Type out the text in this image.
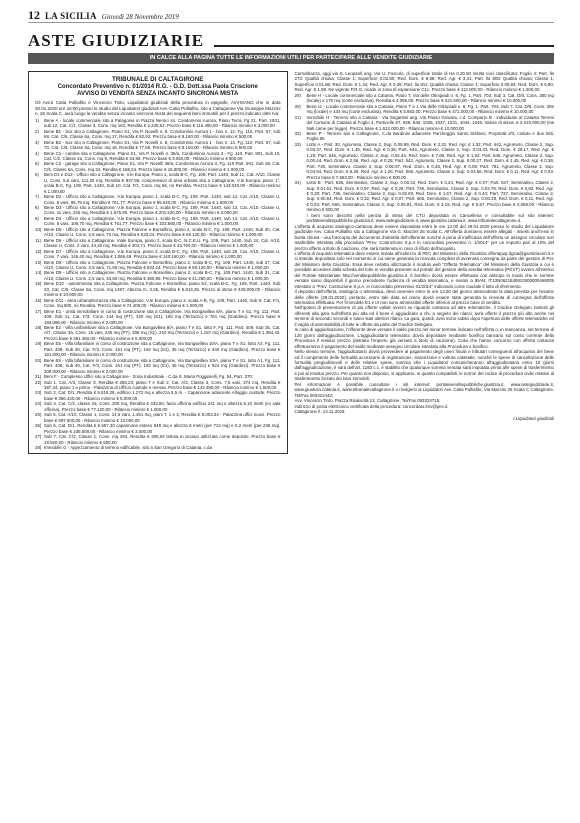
12 LA SICILIA Giovedì 28 Novembre 2019
ASTE GIUDIZIARIE
IN CALCE ALLA PAGINA TUTTE LE INFORMAZIONI UTILI PER PARTECIPARE ALLE VENDITE GIUDIZIARIE
TRIBUNALE DI CALTAGIRONE
Concordato Preventivo n. 01/2014 R.G. - G.D. Dott.ssa Paola Criscione
AVVISO DI VENDITA SENZA INCANTO SINCRONA MISTA
Gli Avv.ti Catia Pulliafito e Vincenzo Tinto, Liquidatori giudiziali della procedura in epigrafe, AVVISANO che in data 30.01.2020 ore 16:00 presso lo studio dei Liquidatori giudiziali Avv. Catia Pulliafito, sito a Caltagirone Via Giuseppe Mazzini n. 26 Scala C, avrà luogo la vendita senza incanto sincrona mista dei seguenti beni immobili per il prezzo indicato oltre Iva:
1)	Bene A - locale commerciale sito a Palagonia in Piazza Nenno sn, Condominio Aurora, Piano Terra, Fg 21, Part. 1931, sub 12, Cat. C/1, Classe 3, Cons. mq 162, Rendita € 2.225,52. Prezzo base € 116.480,00 - Rilancio minimo € 3.000,00
2)	Bene B1 - box sito a Caltagirone, Piano S1, Via P. Novelli n. 8, Condominio Aurora 1 - box n. 12, Fg. 110, Part. 67, sub 68, Cat. C/6, Classe 6a, Cons. mq 17, Rendita € 82,53. Prezzo base € 8.160,00 - Rilancio minimo € 500,00
3)	Bene B2 - box sito a Caltagirone, Piano S1, Via P. Novelli n. 8, Condominio Aurora 1 - box n. 14, Fg. 110, Part. 67, sub 70, Cat. C/6, Classe 6a, Cons. mq 16, Rendita € 77,68. Prezzo base € 8.160,00 - Rilancio minimo € 500,00
4)	Bene C1 - cantina sita a Caltagirone, Piano S1, Via P. Novelli n. 36/a, Condominio Aurora 3 - Fg. 110, Part. 901, Sub 10, Cat. C/2, Classe 2a, Cons. mq 9, Rendita € 34,86. Prezzo base € 3.060,00 - Rilancio minimo € 500,00
5)	Bene C2 - garage sito a Caltagirone, Piano S1, Via P. Novelli 36/a, Condominio Aurora 3, Fg. 110 Part. 901, Sub 38, Cat. C/6, Classe 6a, Cons. mq 34, Rendita € 158,24. Prezzo base € 16.800,00 - Rilancio minimo € 1.000,00
6)	Beni D1 e D12 - Ufficio sito a Caltagirone, V.le Europa, Piano 1, scala B-C, Fg. 109, Part. 1440, Sub 11, Cat. A/10, Classe U, Cons. 5,5 vani, 111,25 mq, Rendita € 837,95, comprensivo di area urbana sita a Caltagirone, V.le Europa, piano 1°, scala B-C, Fg. 109, Part. 1440, Sub 10, Cat. F/1, Cons. mq 66, no Rendita. Prezzo base € 143.040,00 - Rilancio minimo € 1.000,00
7)	Bene D2 - Ufficio sito a Caltagirone, V.le Europa, piano 1, scala B-C, Fg. 109, Part. 1440, sub 12, Cat. A/10, Classe U, Cons. 5 vani, 95,75 mq, Rendita € 761,77. Prezzo base € 95.040,00 - Rilancio minimo € 1.000,00
8)	Bene D3 - Ufficio sito a Caltagirone, V.le Europa, piano 1, scala B-C, Fg. 109, Part. 1440, sub 13, Cat. A/10, Classe U, Cons. 11 vani, 225 mq, Rendita € 1.675,90. Prezzo base € 201.520,00 - Rilancio minimo € 2.000,00
9)	Bene D4 - Ufficio sito a Caltagirone, V.le Europa, piano 1, scala B-C, Fg. 109, Part. 1440, sub 14, Cat. A/10, Classe U, Cons. 5 vani, 106,70 mq, Rendita € 761,77. Prezzo base € 103.680,00 - Rilancio minimo € 1.000,00
10) Bene D5 - Ufficio sito a Caltagirone, Piazza Falcone e Borsellino, piano 2, scala B-C, Fg. 109, Part. 1440, Sub 20, Cat. A/10, Classe U, Cons. 3,5 vani, 72 mq, Rendita € 533,24. Prezzo base € 69.120,00 - Rilancio minimo € 1.000,00
11) Bene D6 - Ufficio sito a Caltagirone, Viale Europa, piano 2, scala B-C, N.C.E.U. Fg. 109, Part. 1440, Sub 24, Cat. A/10, Classe U, Cons. 2 vani, 44,40 mq, Rendita € 304,71. Prezzo base € 43.760,00 - Rilancio minimo € 1.000,00
12) Bene D7 - Ufficio sito a Caltagirone, V.le Europa, piano 2, scala B-C, Fg. 109, Part. 1440, sub 25, Cat. A/10, Classe U, Cons. 7 vani, 146,40 mq, Rendita € 1.066,48. Prezzo base € 140.160,00 - Rilancio minimo € 1.000,00
13) Bene D8 - Ufficio sito a Caltagirone, Piazza Falcone e Borsellino, piano 2, scala B-C, Fg. 109, Part. 1440, sub 27, Cat. A/10, Classe U, Cons. 3,5 vani, 71,50 mq, Rendita € 533,24. Prezzo base € 69.120,00 - Rilancio minimo € 1.000,00
14) Bene D9 - Ufficio sito a Caltagirone, Piazza Falcone e Borsellino, piano 2, scala B-C, Fg. 109 Part. 1440, Sub 31, Cat. A/10, Classe U, Cons. 2,5 vani, 43,60 mq, Rendita € 380,89. Prezzo base € 41.280,00 - Rilancio minimo € 1.000,00
15) Bene D10 - autorimessa sita a Caltagirone, Piazza Falcone e Borsellino, piano S2, scala B-C, Fg. 109, Part. 1440, Sub 33, Cat. C/6, Classe 5a, Cons. mq 1497, Altezza m. 3,25, Rendita € 5.813,25. Prezzo di stima € 428.000,00 - Rilancio minimo € 10.000,00
16) Bene D11 - area urbana/terrazza sita a Caltagirone, V.le Europa, piano 2, scala A-B, Fg. 109, Part. 1440, Sub 9, Cat. F/1, Cons. mq 800, no Rendita. Prezzo base € 74.400,00 - Rilancio minimo € 1.000,00
17) Bene E1 - unità immobiliare in corso di costruzione sita a Caltagirone, Via Bungavillea 8/A, piano T e S1, Fg. 111, Part. 409, Sub 11, Cat. F/3, Cons. 144 mq (PT), 320 mq (S1), 160 mq (Terrazzo) e 761 mq (Giardino). Prezzo base € 183.096,00 - Rilancio minimo € 2.000,00
18) Bene E2 - villa unifamiliare sita a Caltagirone, Via Bungavillea 8/A, piano T e S1, lotto F, Fg. 111, Part. 409, Sub 25, Cat. A/7, Classe 3a, Cons. 15 vani, 245 mq (PT), 306 mq (S1), 210 mq (Terrazzo) e 1.157 mq (Giardino), Rendita € 1.394,43. Prezzo base € 351.360,00 - Rilancio minimo € 5.000,00
19) Bene E5 - Villa bifamiliare in corso di costruzione sita a Caltagirone, Via Bungavillea 10/A, piano T e S1, lotto A2, Fg. 111, Part. 409, Sub 30, Cat. F/3, Cons. 151 mq (PT), 192 mq (S1), 35 mq (Terrazzo) e 340 mq (Giardino). Prezzo base € 161.000,00 - Rilancio minimo € 2.000,00
20) Bene E6 - Villa bifamiliare in corso di costruzione sita a Caltagirone, Via Bungavillea 10/A, piano T e S1, lotto A1, Fg. 111, Part. 409, Sub 40, Cat. F/3, Cons. 151 mq (PT), 192 mq (S1), 35 mq (Terrazzo) e 824 mq (Giardino). Prezzo base € 208.000,00 - Rilancio minimo € 2.000,00
21) Beni F - Complesso Uffici sito a Caltagirone - Zona Industriale - C.da S. Maria Poggiarelli, Fg. 54, Part. 370:
22) Sub 1, Cat. A/3, Classe 3, Rendita € 258,23; piano T e Sub 2, Cat. A/3, Classe 3, Cons. 7,5 vani, 374 mq, Rendita € 387,34, piano 1 e primo - Palazzina di Ufficio custode e mensa. Prezzo base € 142.480,00 - Rilancio minimo € 1.500,00
23) Sub 3, Cat. D/1, Rendita € 9.519,28, edificio 1.273 mq e altezza 8,5 m. - Capannone adiacente Alloggio custode. Prezzo base € 356.440,00 - Rilancio minimo € 5.000,00
24) Sub 4, Cat. C/2, classe 2a, Cons. 205 mq, Rendita € 433,60, facia officina edificio 241 mq e altezza 5,10 metri (ex sala officina). Prezzo base € 77.120,00 - Rilancio minimo € 1.000,00
25) Sub 5, Cat. A/10, Classe 1, Cons. 14,5 vani, 1.451 mq, piani T, 1 e 2, Rendita € 8.003,34 - Palazzina uffici nuovi. Prezzo base € 697.600,00 - Rilancio minimo € 10.000,00
26) Sub 6, Cat. D/1, Rendita € 5.557,30 capannone esteso 948 mq e altezza 8 metri (per 712 mq) e 5,2 metri (per 236 mq). Prezzo base € 236.609,00 - Rilancio minimo € 3.000,00
27) Sub 7, Cat. C/2, Classe 1, Cons. mq 293, Rendita € 306,64 tettoia in acciaio utilizzata come deposito. Prezzo base € 19.920,00 - Rilancio minimo € 500,00
28) Immobile G - Appezzamento di terreno edificabile, sito a San Gregorio di Catania, c.da

Carrubbazza, oggi via S. Leopardi ang. Via U. Foscolo, di superficie totale di Ha 0.20.50 risulta così classificato: Foglio 4: Part. lla 273: Qualità chiusa; Classe 1; Superficie 0.02.80; Red. Dom. € 8,88; Red. Agr. € 3,41; Part. lla 808: Qualità chiusa; Classe 1; Superficie 0.01.86; Red. Dom. € 1,34; Red. Agr. € 0,38; Part. lla 811: Qualità chiusa; Classe 1; Superficie 0.08,84; Red. Dom. € 6,80; Red. Agr. € 1,89. Ne vigente P.R.G. ricade in zona di espansione C1c. Prezzo base € 112.000,00 - Rilancio minimo € 1.500,00

29)	Bene H - Locale commerciale sito a Catania, Piano T, Via delle Olimpiadi n. 6, Fg. 1, Part. 703, Sub 3, Cat. D/8, Cons. 380 mq (locale) e 170 mq (corte esclusiva). Rendita € 4.095,00. Prezzo base € 321.600,00 - Rilancio minimo € 10.000,00
30)	Bene I2 - Locale commerciale sito a Catania, Piano T e 1 Via delle Olimpiadi n. 8, Fg. 1, Part. 703, Sub 7, Cat. D/8, Cons. 392 mq (locale) e 434 mq (corte esclusiva). Rendita € 5.863,00. Prezzo base € 471.000,00 - Rilancio minimo € 10.000,00
31)	Immobile H - Terreno sito a Catania - Via Segantini ang. Via Passo Gravina, c.d. Comparto B - individuato al Catasto Terreni del Comune di Catania al Foglio 4, Particelle 67, 828, 840, 1035, 1037, 1041, 1044, 1046. Valore di stima: € 2.015.000,00 (Ha Nati come per legge). Prezzo base € 1.612.000,00 - Rilancio minimo € 10.000,00
32)	Bene P - Terreno sito a Caltagirone, C.da Bardinini adiacente Parcheggio Santo Stefano, Proprietà 2/3, ceduto e due lotti, Foglio 85
33)	Lotto A - Part. 30, Agrumeto, Classe 2, Sup. 0.09.99, Red. Dom. € 3,32, Red. Agr. € 1,32; Part. 642, Agrumeto, Classe 2, Sup. 0.03.37, Red. Dom. € 1,45, Red. Agr. € 0,36; Part. 644, Agrumeto, Classe 2, Sup. 0.03.43, Red. Dom. € 29,17, Red. Agr. € 1,29; Part. 645, Agrumeto, Classe 2, Sup. 0.02.44, Red. Dom. € 7,69, Red. Agr. € 1,92; Part. 646, Agrumeto, Classe 2, Sup. 0.00.44, Red. Dom. € 2,56, Red. Agr. € 0,25; Part. 642, Agrumeto, Classe 2, Sup. 0.00.27, Red. Dom. € 1,45, Red. Agr. € 0,36; Part. 730, Seminativo, Classe 3, Sup. 0.06.97, Red. Dom. € 0,26, Red. Agr. € 0,05; Part. 781, Agrumeto, Classe 2, Sup. 0.04.94, Red. Dom. € 6,29, Red. Agr. € 1,26; Part. 066, Agrumeto, Classe 2, Sup. 0.03.56, Red. Dom. € 0,11, Red. Agr. € 0,03. Prezzo base € 7.653,00 - Rilancio minimo € 500,00
34)	Lotto B - Part. 636, Seminativo, Classe 2, Sup. 0.00.42, Red. Dom. € 0,24, Red. Agr. € 0,07; Part. 637, Seminativo, Classe 2, Sup. 0.01.61, Red. Dom. € 0,97, Red. Agr. € 0,25; Part. 736, Seminativo, Classe 2, Sup. 0.03.78, Red. Dom. € 0,83, Red. Agr. € 0,20; Part. 736, Seminativo, Classe 2, Sup. 0.02.83, Red. Dom. € 1,67, Red. Agr. € 0,44; Part. 737, Seminativo, Classe 2, Sup. 0.00.54, Red. Dom. € 0,32, Red. Agr. € 0,07; Part. 665, Seminativo, Classe 2, Sup. 0.00.29, Red. Dom. € 0,11, Red. Agr. € 0,03; Part. 666, Seminativo, Classe 2, Sup. 0.05.81, Red. Dom. € 3,19, Red. Agr. € 0,67. Prezzo base € 2.058,00 - Rilancio minimo € 500,00
I beni sono descritti nella perizia di stima del CTU depositata in Cancelleria e consultabile sul sito internet: portalevenditepubbliche.giustizia.it, www.astegiudiziarie.it, www.giustizia.catania.it, www.tribunalecaltagirone.it.

L'offerta di acquisto analogico-cartacea deve essere depositata entro le ore 13.00 del 29.01.2020 presso lo studio del Liquidatore giudiziale Avv. Catia Pulliafito sito a Caltagirone Via G. Mazzini 26 Scala C. All'offerta dovranno essere allegati - inseriti anch'essi in busta chiusa - una fotocopia del documento d'identità dell'offerente nonché a pena di inefficacia dell'offerta un assegno circolare non trasferibile intestato alla procedura "Prev. Costruzione S.p.A in concordato preventivo n. 1/2014" per un importo pari al 10% del prezzo offerto a titolo di cauzione, che sarà trattenuta in caso di rifiuto dell'acquisto.

L'offerta di acquisto telematica deve essere inviata all'indirizzo di PEC del Ministero della Giustizia offertapvp.dgsia@giustiziacert.it e si intende depositata solo nel momento in cui viene generata la ricevuta completa di avvenuta consegna da parte del gestore di Pec del Ministero della Giustizia. Essa deve redatta utilizzando il modulo web "Offerta Telematica" del Ministero della Giustizia a cui è possibile accedere dalla scheda del lotto in vendita presente sul portale del gestore della vendita telematica (PGVT) ovvero all'interno del Portale Ministeriale http://venditepubbliche.giustizia.it. Il bonifico dovrà essere effettuato con anticipo in modo che le somme versate siano disponibili il giorno precedente l'udienza di vendita telematica, e inviato a IBAN: IT13N0621840810000000468005 intestato a "Prev. Costruzione S.p.A. in concordato preventivo 01/2014" indicando come causale il lotto di riferimento.

Il deposito dell'offerta, analogica o telematica, deve avvenire entro le ore 13.00 del giorno antecedente la data prevista per l'esame delle offerte (29.01.2020), pertanto, entro tale data ed orario dovrà essere stata generata la ricevuta di consegna dell'offerta telematica effettuata. Per l'immobile E1 e I3 non sono ammissibili offerte inferiori al prezzo base di vendita.

Nell'ipotesi di presentazione di più offerte valide ovvero se riguardo cartacea od altre telematiche, il Giudice Delegato inviterà gli offerenti alla gara sull'offerta più alta ed il bene è aggiudicato a chi, a seguito dei rilanci, avrà offerto il prezzo più alto anche nel termine di secondo secondi e siano stati ulteriori rilanci. La gara, quindi, avrà inizio subito dopo l'apertura delle offerte telematiche ed il vaglio di ammissibilità di tutte le offerte da parte del Giudice Delegato.

In caso di aggiudicazione, l'offerente deve versare il saldo prezzo nel minor termine indicato nell'offerta o, in mancanza, nel termine di 120 giorni dall'aggiudicazione. L'aggiudicatario telematico dovrà depositare mediante bonifico bancario sul conto corrente della Procedura il residuo prezzo (detratto l'importo già versato a titolo di cauzione). Colui che hanno concorso con offerta cartacea effettueranno il pagamento del saldo mediante assegno circolare intestato alla Procedura o bonifico.

Nello stesso termine, l'aggiudicatario dovrà provvedere al pagamento degli oneri fiscali e tributari conseguenti all'acquisto del bene ed il compimento delle formalità accessorie di registrazione, trascrizione e voltura catastale, nonché le spese di cancellazione delle formalità pregiudizievoli e delle relative spese, somma che i Liquidatori comunicheranno all'aggiudicatario entro 10 giorni dall'aggiudicazione; è sarà dell'art. 1193 c.c. è stabilito che qualunque somma versata sarà imputata prima alle spese di trasferimento e poi al residuo prezzo. Per quanto non disposto, si applicano, in quanto compatibili, le norme del codice di procedura civile relative al trasferimento forzato dei beni immobili.

Per informazioni è possibile consultare i siti internet: portalevenditepubbliche.giustizia.it, www.astegiudiziarie.it, www.giustizia.catania.it, www.tribunalecaltagirone.it o rivolgersi ai Liquidatori Avv. Catia Pulliafito, Via Mazzini 26 Scala C Caltagirone, Tel/Fax 093322443;

Avv. Vincenzo Tinto, Piazza Risalacità 13, Caltagirone, Tel/Fax 093324718,

indirizzo di posta elettronica certificata della procedura: concordato.lmv@pec.it.

Caltagirone lì, 13.11.2019

I Liquidatori giudiziali
